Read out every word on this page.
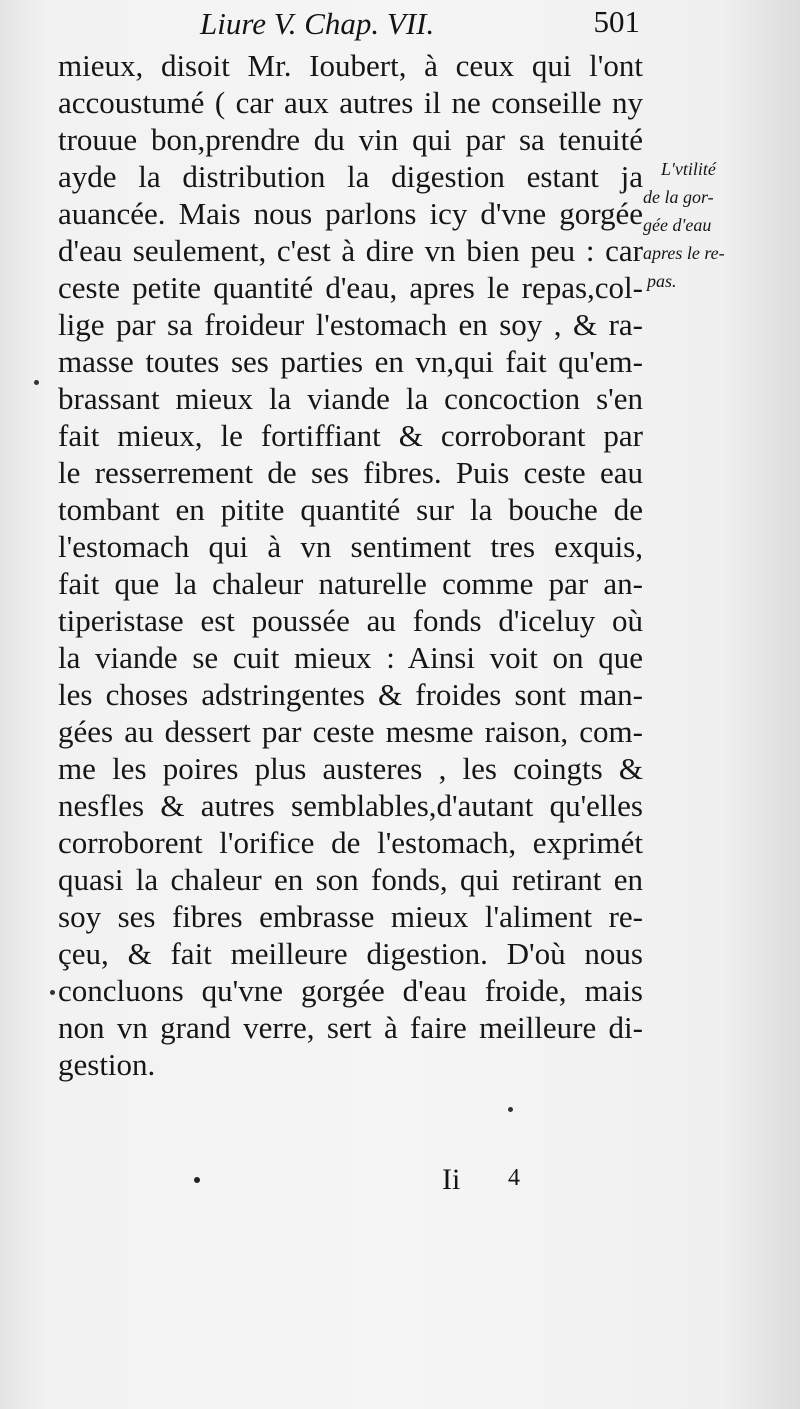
Liure V. Chap. VII.	501
mieux, disoit Mr. Ioubert, à ceux qui l'ont
accoustumé ( car aux autres il ne conseille ny
trouue bon,prendre du vin qui par sa tenuité
ayde la distribution la digestion estant ja
auancée. Mais nous parlons icy d'vne gorgée
d'eau seulement, c'est à dire vn bien peu : car
ceste petite quantité d'eau, apres le repas,col-
lige par sa froideur l'estomach en soy , & ra-
masse toutes ses parties en vn,qui fait qu'em-
brassant mieux la viande la concoction s'en
fait mieux, le fortiffiant & corroborant par
le resserrement de ses fibres. Puis ceste eau
tombant en pitite quantité sur la bouche de
l'estomach qui à vn sentiment tres exquis,
fait que la chaleur naturelle comme par an-
tiperistase est poussée au fonds d'iceluy où
la viande se cuit mieux : Ainsi voit on que
les choses adstringentes & froides sont man-
gées au dessert par ceste mesme raison, com-
me les poires plus austeres , les coingts &
nesfles & autres semblables,d'autant qu'elles
corroborent l'orifice de l'estomach, exprimét
quasi la chaleur en son fonds, qui retirant en
soy ses fibres embrasse mieux l'aliment re-
çeu, & fait meilleure digestion. D'où nous
concluons qu'vne gorgée d'eau froide, mais
non vn grand verre, sert à faire meilleure di-
gestion.
L'vtilité
de la gor-
gée d'eau
apres le re-
pas.
Ii 4
